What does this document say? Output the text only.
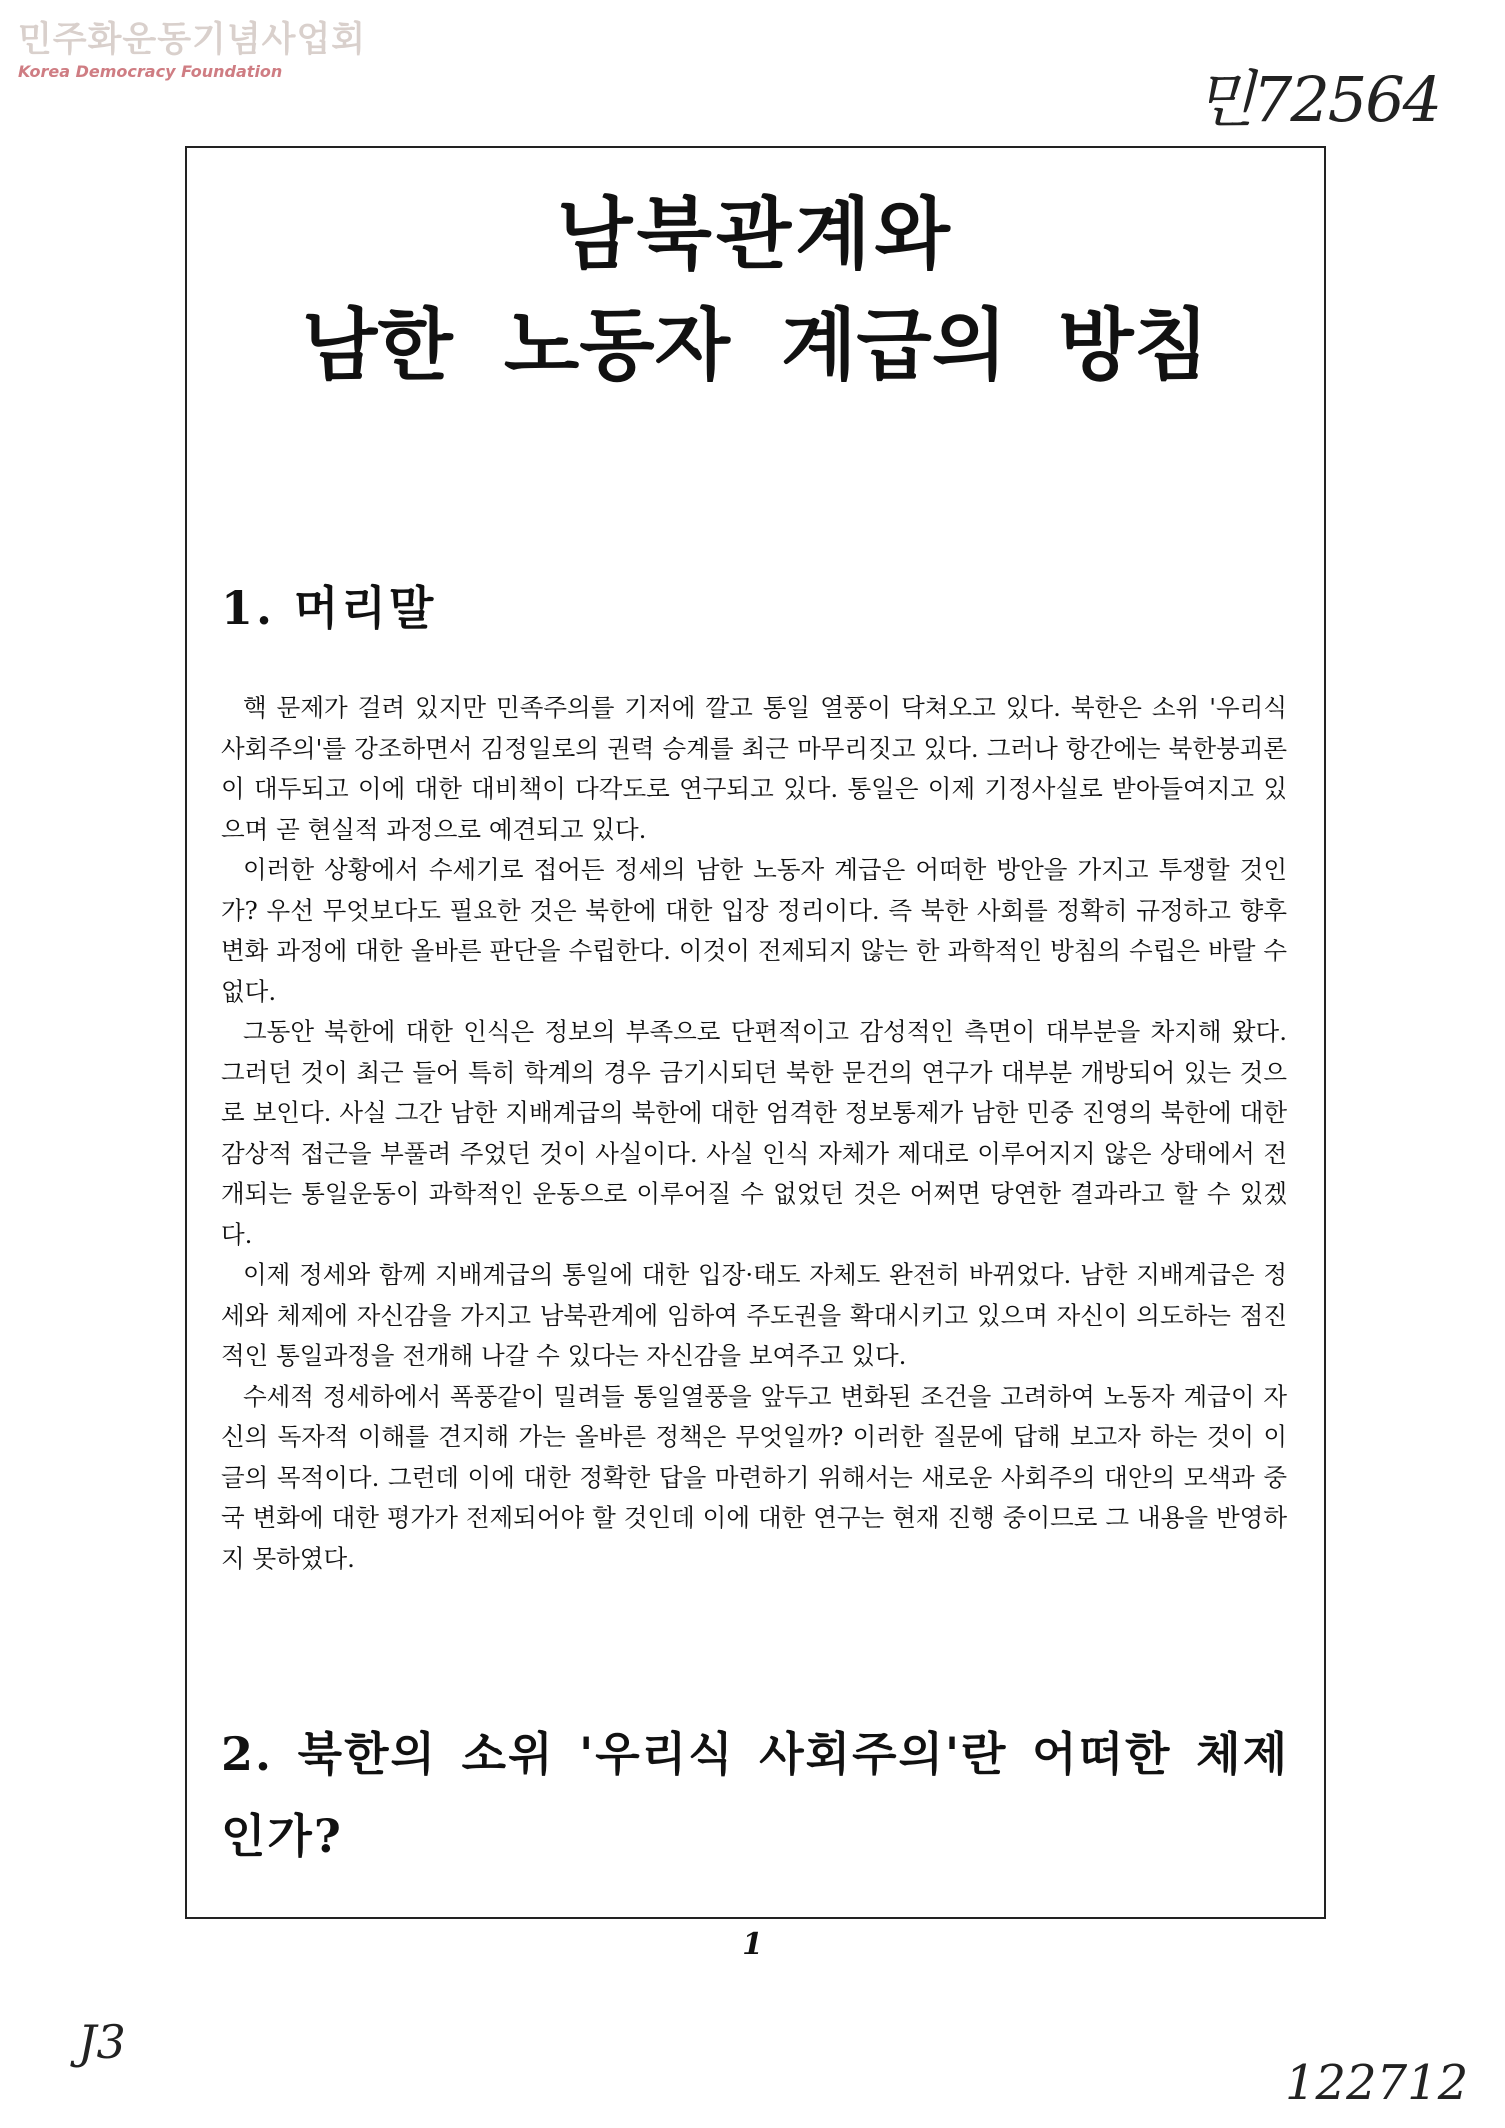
민주화운동기념사업회
Korea Democracy Foundation	민72564
남북관계와
남한 노동자 계급의 방침
1. 머리말

핵 문제가 걸려 있지만 민족주의를 기저에 깔고 통일 열풍이 닥쳐오고 있다. 북한은 소위 '우리식 사회주의'를 강조하면서 김정일로의 권력 승계를 최근 마무리짓고 있다. 그러나 항간에는 북한붕괴론이 대두되고 이에 대한 대비책이 다각도로 연구되고 있다. 통일은 이제 기정사실로 받아들여지고 있으며 곧 현실적 과정으로 예견되고 있다.

이러한 상황에서 수세기로 접어든 정세의 남한 노동자 계급은 어떠한 방안을 가지고 투쟁할 것인가? 우선 무엇보다도 필요한 것은 북한에 대한 입장 정리이다. 즉 북한 사회를 정확히 규정하고 향후 변화 과정에 대한 올바른 판단을 수립한다. 이것이 전제되지 않는 한 과학적인 방침의 수립은 바랄 수 없다.

그동안 북한에 대한 인식은 정보의 부족으로 단편적이고 감성적인 측면이 대부분을 차지해 왔다. 그러던 것이 최근 들어 특히 학계의 경우 금기시되던 북한 문건의 연구가 대부분 개방되어 있는 것으로 보인다. 사실 그간 남한 지배계급의 북한에 대한 엄격한 정보통제가 남한 민중 진영의 북한에 대한 감상적 접근을 부풀려 주었던 것이 사실이다. 사실 인식 자체가 제대로 이루어지지 않은 상태에서 전개되는 통일운동이 과학적인 운동으로 이루어질 수 없었던 것은 어쩌면 당연한 결과라고 할 수 있겠다.

이제 정세와 함께 지배계급의 통일에 대한 입장·태도 자체도 완전히 바뀌었다. 남한 지배계급은 정세와 체제에 자신감을 가지고 남북관계에 임하여 주도권을 확대시키고 있으며 자신이 의도하는 점진적인 통일과정을 전개해 나갈 수 있다는 자신감을 보여주고 있다.

수세적 정세하에서 폭풍같이 밀려들 통일열풍을 앞두고 변화된 조건을 고려하여 노동자 계급이 자신의 독자적 이해를 견지해 가는 올바른 정책은 무엇일까? 이러한 질문에 답해 보고자 하는 것이 이 글의 목적이다. 그런데 이에 대한 정확한 답을 마련하기 위해서는 새로운 사회주의 대안의 모색과 중국 변화에 대한 평가가 전제되어야 할 것인데 이에 대한 연구는 현재 진행 중이므로 그 내용을 반영하지 못하였다.

2. 북한의 소위 '우리식 사회주의'란 어떠한 체제인가?
1
J3
122712
